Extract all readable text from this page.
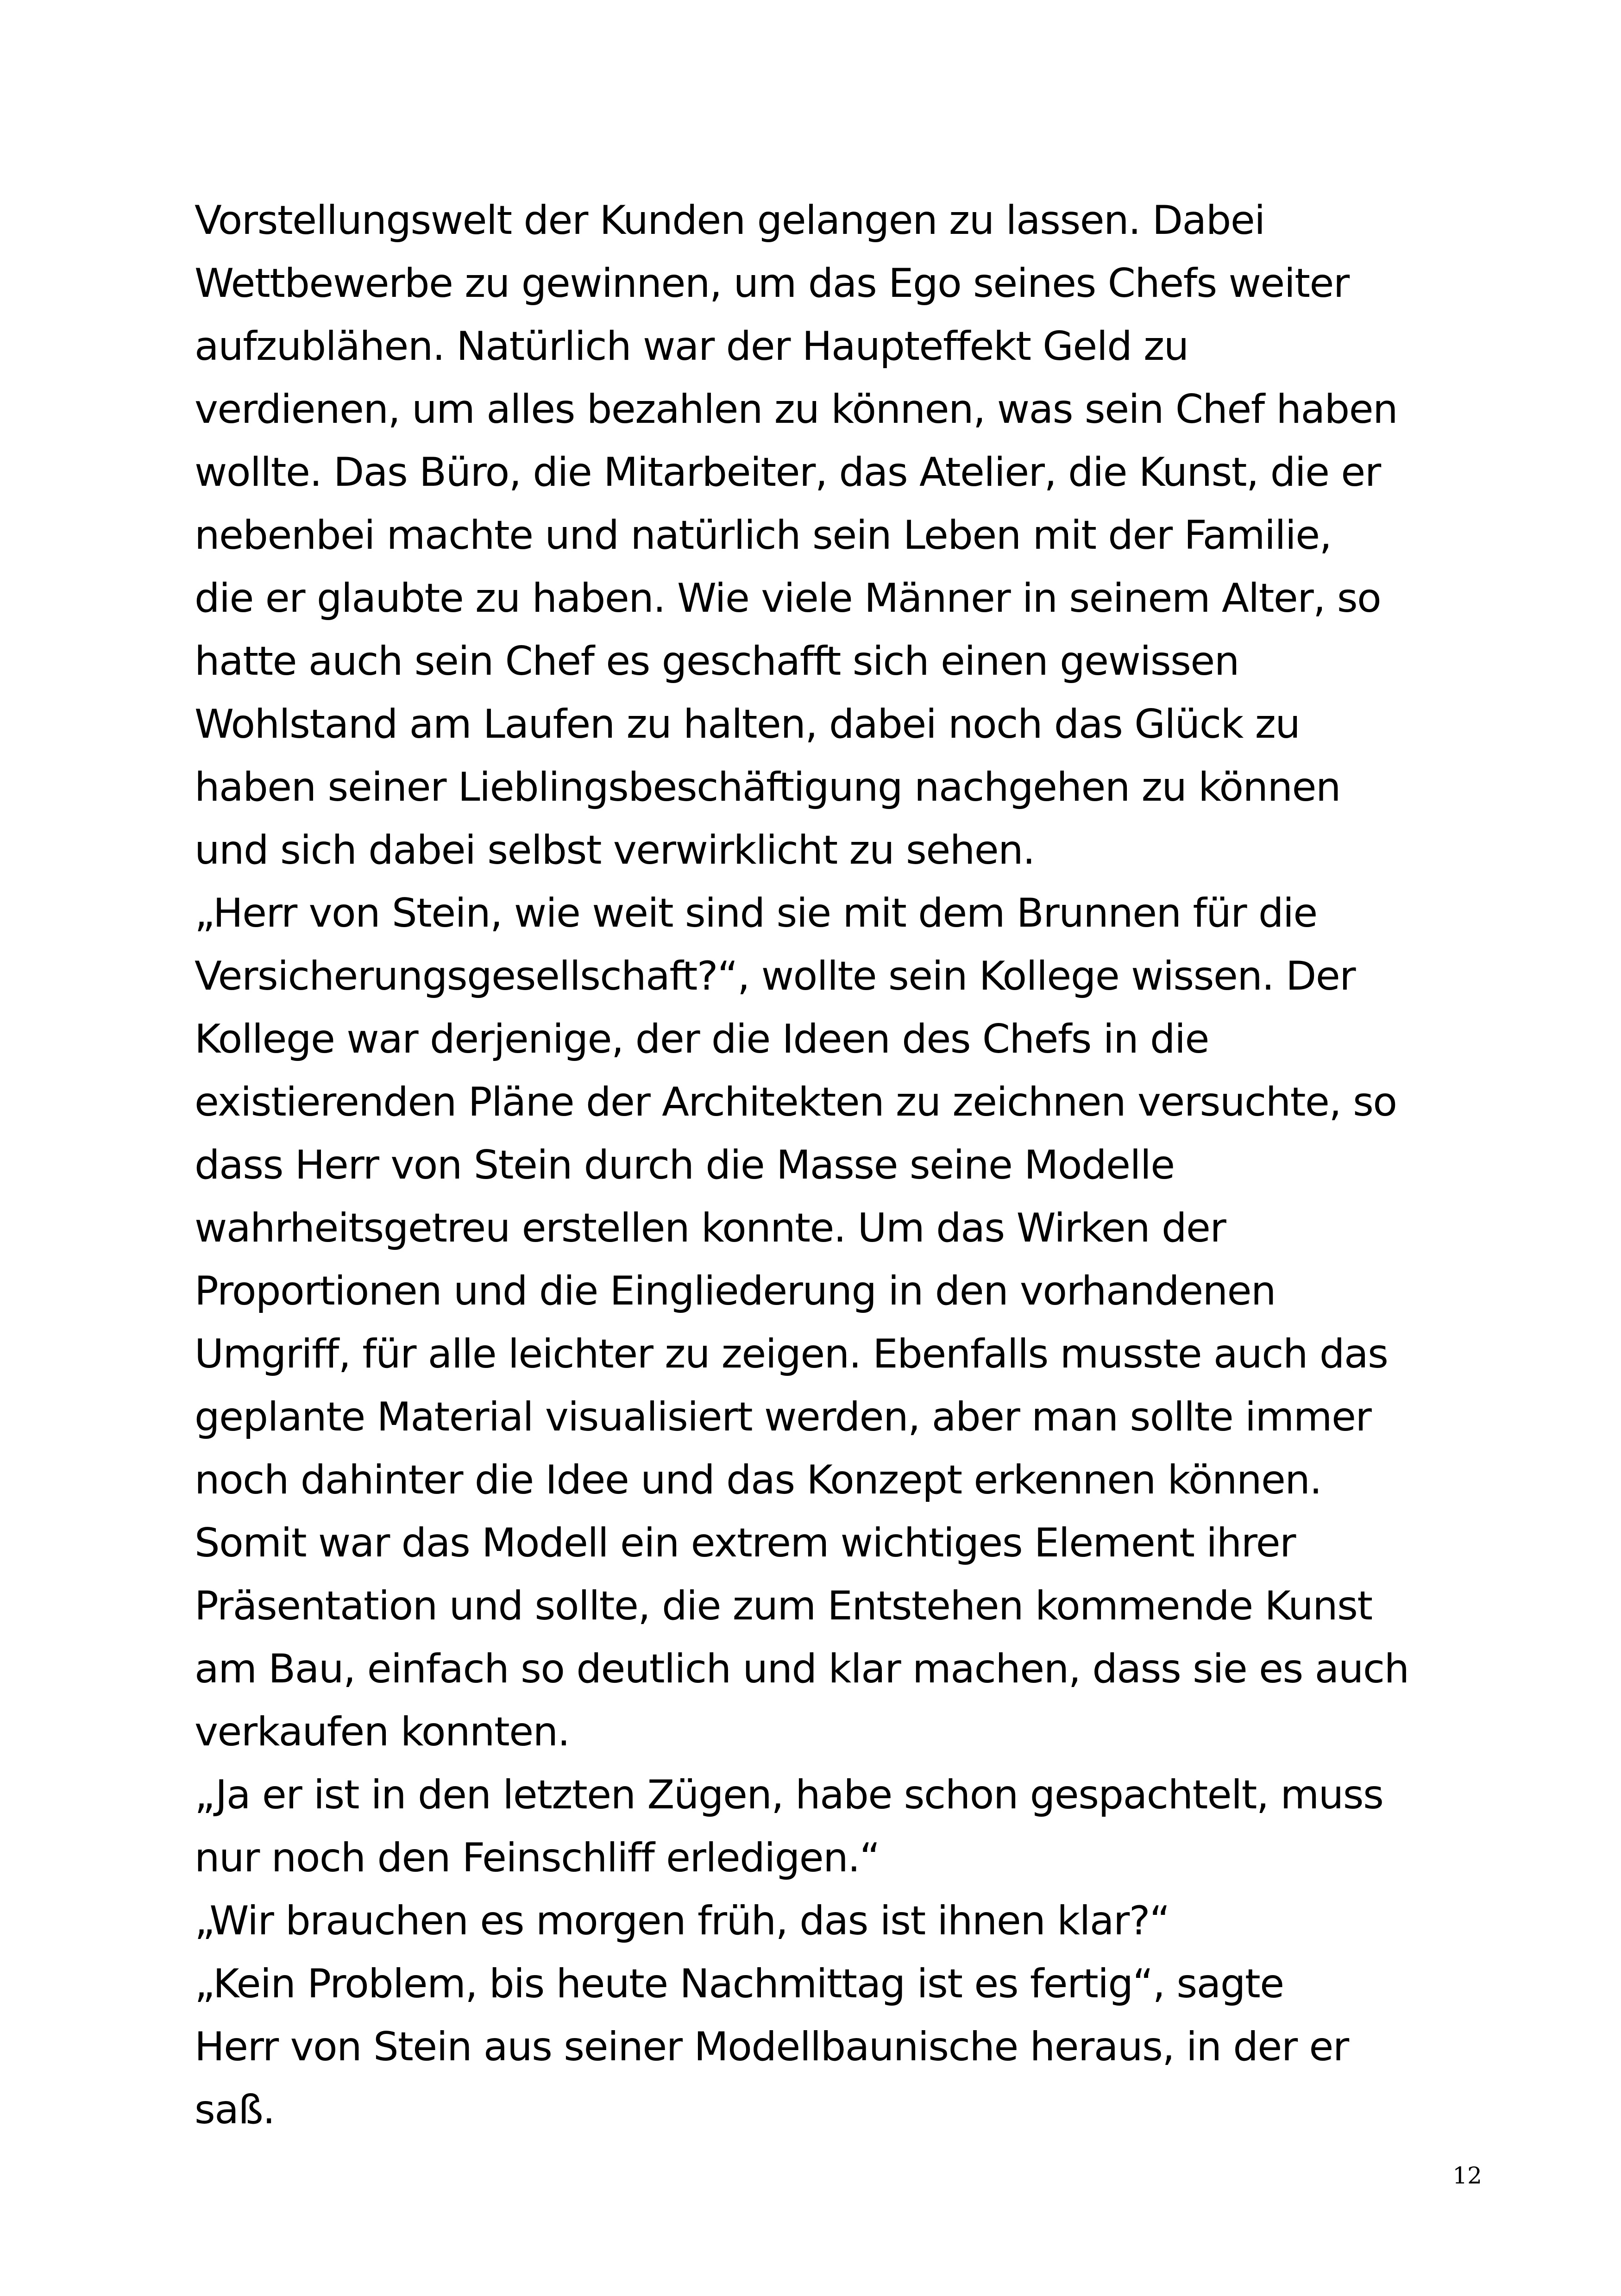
Vorstellungswelt der Kunden gelangen zu lassen. Dabei
Wettbewerbe zu gewinnen, um das Ego seines Chefs weiter
aufzublähen. Natürlich war der Haupteffekt Geld zu
verdienen, um alles bezahlen zu können, was sein Chef haben
wollte. Das Büro, die Mitarbeiter, das Atelier, die Kunst, die er
nebenbei machte und natürlich sein Leben mit der Familie,
die er glaubte zu haben. Wie viele Männer in seinem Alter, so
hatte auch sein Chef es geschafft sich einen gewissen
Wohlstand am Laufen zu halten, dabei noch das Glück zu
haben seiner Lieblingsbeschäftigung nachgehen zu können
und sich dabei selbst verwirklicht zu sehen.
„Herr von Stein, wie weit sind sie mit dem Brunnen für die
Versicherungsgesellschaft?“, wollte sein Kollege wissen. Der
Kollege war derjenige, der die Ideen des Chefs in die
existierenden Pläne der Architekten zu zeichnen versuchte, so
dass Herr von Stein durch die Masse seine Modelle
wahrheitsgetreu erstellen konnte. Um das Wirken der
Proportionen und die Eingliederung in den vorhandenen
Umgriff, für alle leichter zu zeigen. Ebenfalls musste auch das
geplante Material visualisiert werden, aber man sollte immer
noch dahinter die Idee und das Konzept erkennen können.
Somit war das Modell ein extrem wichtiges Element ihrer
Präsentation und sollte, die zum Entstehen kommende Kunst
am Bau, einfach so deutlich und klar machen, dass sie es auch
verkaufen konnten.
„Ja er ist in den letzten Zügen, habe schon gespachtelt, muss
nur noch den Feinschliff erledigen.“
„Wir brauchen es morgen früh, das ist ihnen klar?“
„Kein Problem, bis heute Nachmittag ist es fertig“, sagte
Herr von Stein aus seiner Modellbaunische heraus, in der er
saß.
12
